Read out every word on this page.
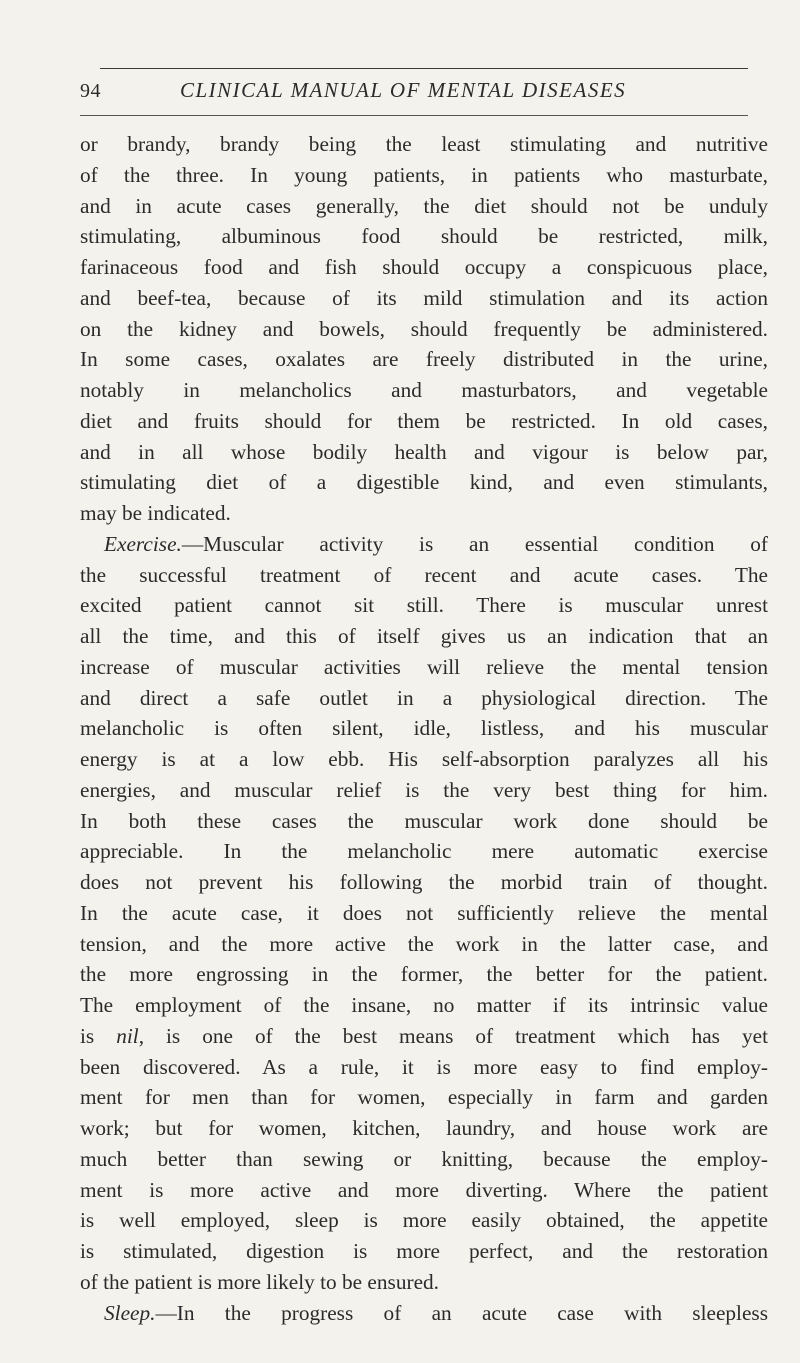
94	CLINICAL MANUAL OF MENTAL DISEASES
or brandy, brandy being the least stimulating and nutritive
of the three. In young patients, in patients who masturbate,
and in acute cases generally, the diet should not be unduly
stimulating, albuminous food should be restricted, milk,
farinaceous food and fish should occupy a conspicuous place,
and beef-tea, because of its mild stimulation and its action
on the kidney and bowels, should frequently be administered.
In some cases, oxalates are freely distributed in the urine,
notably in melancholics and masturbators, and vegetable
diet and fruits should for them be restricted. In old cases,
and in all whose bodily health and vigour is below par,
stimulating diet of a digestible kind, and even stimulants,
may be indicated.
Exercise.—Muscular activity is an essential condition of
the successful treatment of recent and acute cases. The
excited patient cannot sit still. There is muscular unrest
all the time, and this of itself gives us an indication that an
increase of muscular activities will relieve the mental tension
and direct a safe outlet in a physiological direction. The
melancholic is often silent, idle, listless, and his muscular
energy is at a low ebb. His self-absorption paralyzes all his
energies, and muscular relief is the very best thing for him.
In both these cases the muscular work done should be
appreciable. In the melancholic mere automatic exercise
does not prevent his following the morbid train of thought.
In the acute case, it does not sufficiently relieve the mental
tension, and the more active the work in the latter case, and
the more engrossing in the former, the better for the patient.
The employment of the insane, no matter if its intrinsic value
is nil, is one of the best means of treatment which has yet
been discovered. As a rule, it is more easy to find employ-
ment for men than for women, especially in farm and garden
work; but for women, kitchen, laundry, and house work are
much better than sewing or knitting, because the employ-
ment is more active and more diverting. Where the patient
is well employed, sleep is more easily obtained, the appetite
is stimulated, digestion is more perfect, and the restoration
of the patient is more likely to be ensured.
Sleep.—In the progress of an acute case with sleepless
